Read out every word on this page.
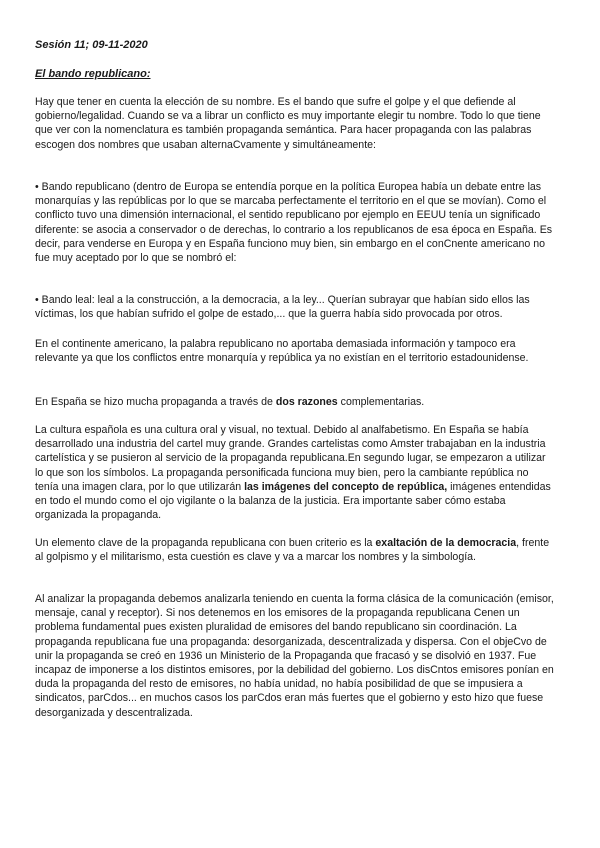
Sesión 11; 09-11-2020
El bando republicano:

Hay que tener en cuenta la elección de su nombre. Es el bando que sufre el golpe y el que defiende al gobierno/legalidad. Cuando se va a librar un conflicto es muy importante elegir tu nombre. Todo lo que tiene que ver con la nomenclatura es también propaganda semántica. Para hacer propaganda con las palabras escogen dos nombres que usaban alternaCvamente y simultáneamente:

• Bando republicano (dentro de Europa se entendía porque en la política Europea había un debate entre las monarquías y las repúblicas por lo que se marcaba perfectamente el territorio en el que se movían). Como el conflicto tuvo una dimensión internacional, el sentido republicano por ejemplo en EEUU tenía un significado diferente: se asocia a conservador o de derechas, lo contrario a los republicanos de esa época en España. Es decir, para venderse en Europa y en España funciono muy bien, sin embargo en el conCnente americano no fue muy aceptado por lo que se nombró el:

• Bando leal: leal a la construcción, a la democracia, a la ley... Querían subrayar que habían sido ellos las víctimas, los que habían sufrido el golpe de estado,... que la guerra había sido provocada por otros.

En el continente americano, la palabra republicano no aportaba demasiada información y tampoco era relevante ya que los conflictos entre monarquía y república ya no existían en el territorio estadounidense.

En España se hizo mucha propaganda a través de dos razones complementarias.

La cultura española es una cultura oral y visual, no textual. Debido al analfabetismo. En España se había desarrollado una industria del cartel muy grande. Grandes cartelistas como Amster trabajaban en la industria cartelística y se pusieron al servicio de la propaganda republicana.En segundo lugar, se empezaron a utilizar lo que son los símbolos. La propaganda personificada funciona muy bien, pero la cambiante república no tenía una imagen clara, por lo que utilizarán las imágenes del concepto de república, imágenes entendidas en todo el mundo como el ojo vigilante o la balanza de la justicia. Era importante saber cómo estaba organizada la propaganda.

Un elemento clave de la propaganda republicana con buen criterio es la exaltación de la democracia, frente al golpismo y el militarismo, esta cuestión es clave y va a marcar los nombres y la simbología.

Al analizar la propaganda debemos analizarla teniendo en cuenta la forma clásica de la comunicación (emisor, mensaje, canal y receptor). Si nos detenemos en los emisores de la propaganda republicana Cenen un problema fundamental pues existen pluralidad de emisores del bando republicano sin coordinación. La propaganda republicana fue una propaganda: desorganizada, descentralizada y dispersa. Con el objeCvo de unir la propaganda se creó en 1936 un Ministerio de la Propaganda que fracasó y se disolvió en 1937. Fue incapaz de imponerse a los distintos emisores, por la debilidad del gobierno. Los disCntos emisores ponían en duda la propaganda del resto de emisores, no había unidad, no había posibilidad de que se impusiera a sindicatos, parCdos... en muchos casos los parCdos eran más fuertes que el gobierno y esto hizo que fuese desorganizada y descentralizada.
